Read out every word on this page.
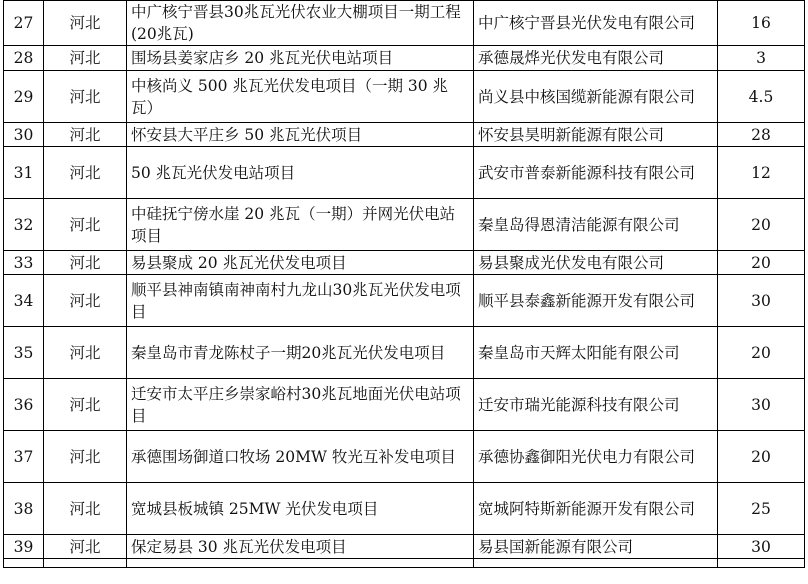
27	河北	中广核宁晋县30兆瓦光伏农业大棚项目一期工程(20兆瓦)	中广核宁晋县光伏发电有限公司	16
28	河北	围场县姜家店乡 20 兆瓦光伏电站项目	承德晟烨光伏发电有限公司	3
29	河北	中核尚义 500 兆瓦光伏发电项目（一期 30 兆瓦）	尚义县中核国缆新能源有限公司	4.5
30	河北	怀安县大平庄乡 50 兆瓦光伏项目	怀安县昊明新能源有限公司	28
31	河北	50 兆瓦光伏发电站项目	武安市普泰新能源科技有限公司	12
32	河北	中硅抚宁傍水崖 20 兆瓦（一期）并网光伏电站项目	秦皇岛得恩清洁能源有限公司	20
33	河北	易县聚成 20 兆瓦光伏发电项目	易县聚成光伏发电有限公司	20
34	河北	顺平县神南镇南神南村九龙山30兆瓦光伏发电项目	顺平县泰鑫新能源开发有限公司	30
35	河北	秦皇岛市青龙陈杖子一期20兆瓦光伏发电项目	秦皇岛市天辉太阳能有限公司	20
36	河北	迁安市太平庄乡崇家峪村30兆瓦地面光伏电站项目	迁安市瑞光能源科技有限公司	30
37	河北	承德围场御道口牧场 20MW 牧光互补发电项目	承德协鑫御阳光伏电力有限公司	20
38	河北	宽城县板城镇 25MW 光伏发电项目	宽城阿特斯新能源开发有限公司	25
39	河北	保定易县 30 兆瓦光伏发电项目	易县国新能源有限公司	30
